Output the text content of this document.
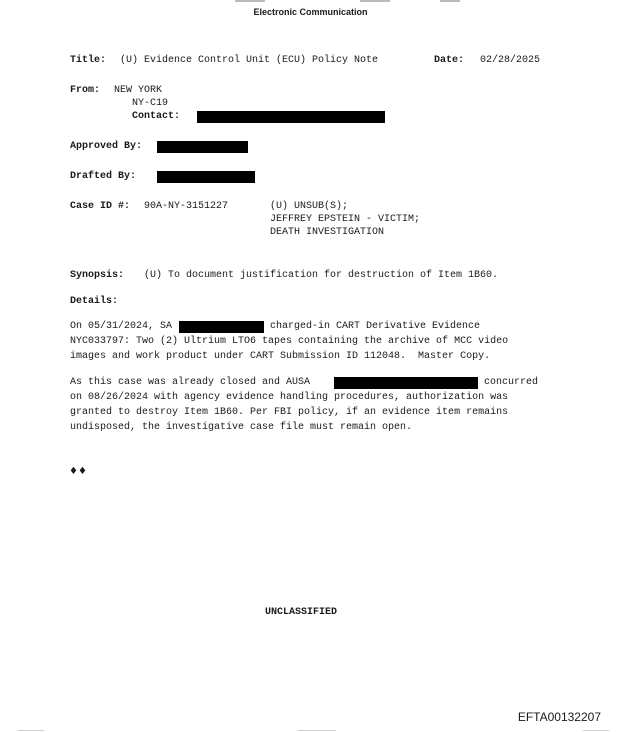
Electronic Communication
Title: (U) Evidence Control Unit (ECU) Policy Note	Date: 02/28/2025
From: NEW YORK
NY-C19
Contact:
Approved By:
Drafted By:
Case ID #: 90A-NY-3151227	(U) UNSUB(S);
JEFFREY EPSTEIN - VICTIM;
DEATH INVESTIGATION
Synopsis: (U) To document justification for destruction of Item 1B60.
Details:
On 05/31/2024, SA	charged-in CART Derivative Evidence
NYC033797: Two (2) Ultrium LTO6 tapes containing the archive of MCC video
images and work product under CART Submission ID 112048.  Master Copy.
As this case was already closed and AUSA	concurred
on 08/26/2024 with agency evidence handling procedures, authorization was
granted to destroy Item 1B60. Per FBI policy, if an evidence item remains
undisposed, the investigative case file must remain open.
♦♦
UNCLASSIFIED
EFTA00132207
